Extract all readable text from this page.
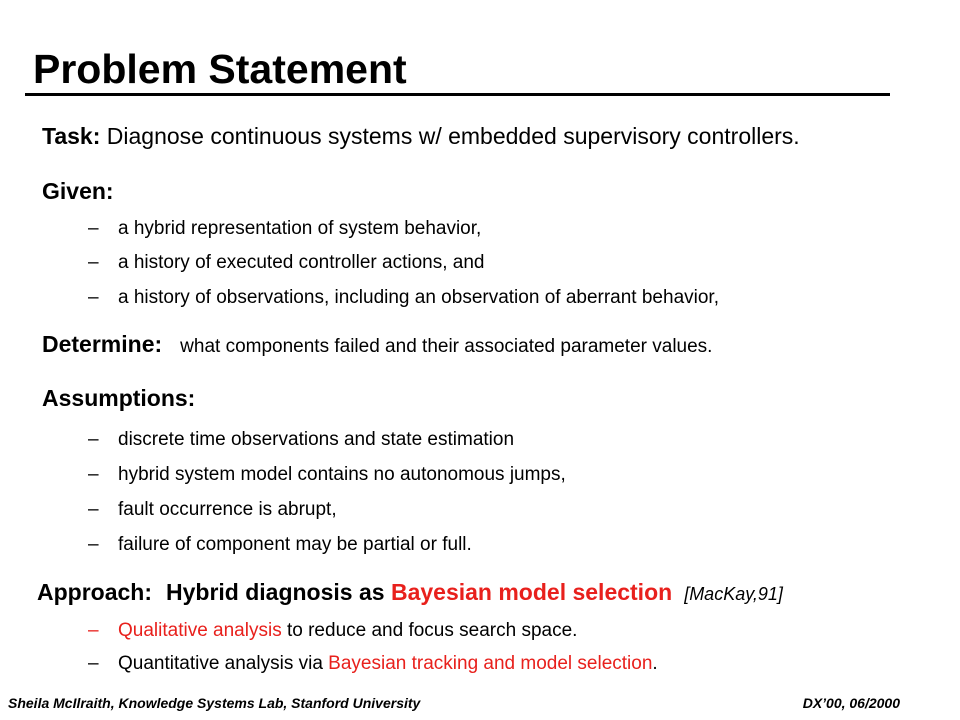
Problem Statement
Task: Diagnose continuous systems w/ embedded supervisory controllers.
Given:
– a hybrid representation of system behavior,
– a history of executed controller actions, and
– a history of observations, including an observation of aberrant behavior,
Determine: what components failed and their associated parameter values.
Assumptions:
– discrete time observations and state estimation
– hybrid system model contains no autonomous jumps,
– fault occurrence is abrupt,
– failure of component may be partial or full.
Approach: Hybrid diagnosis as Bayesian model selection [MacKay,91]
– Qualitative analysis to reduce and focus search space.
– Quantitative analysis via Bayesian tracking and model selection.
Sheila McIlraith, Knowledge Systems Lab, Stanford University	DX’00, 06/2000
